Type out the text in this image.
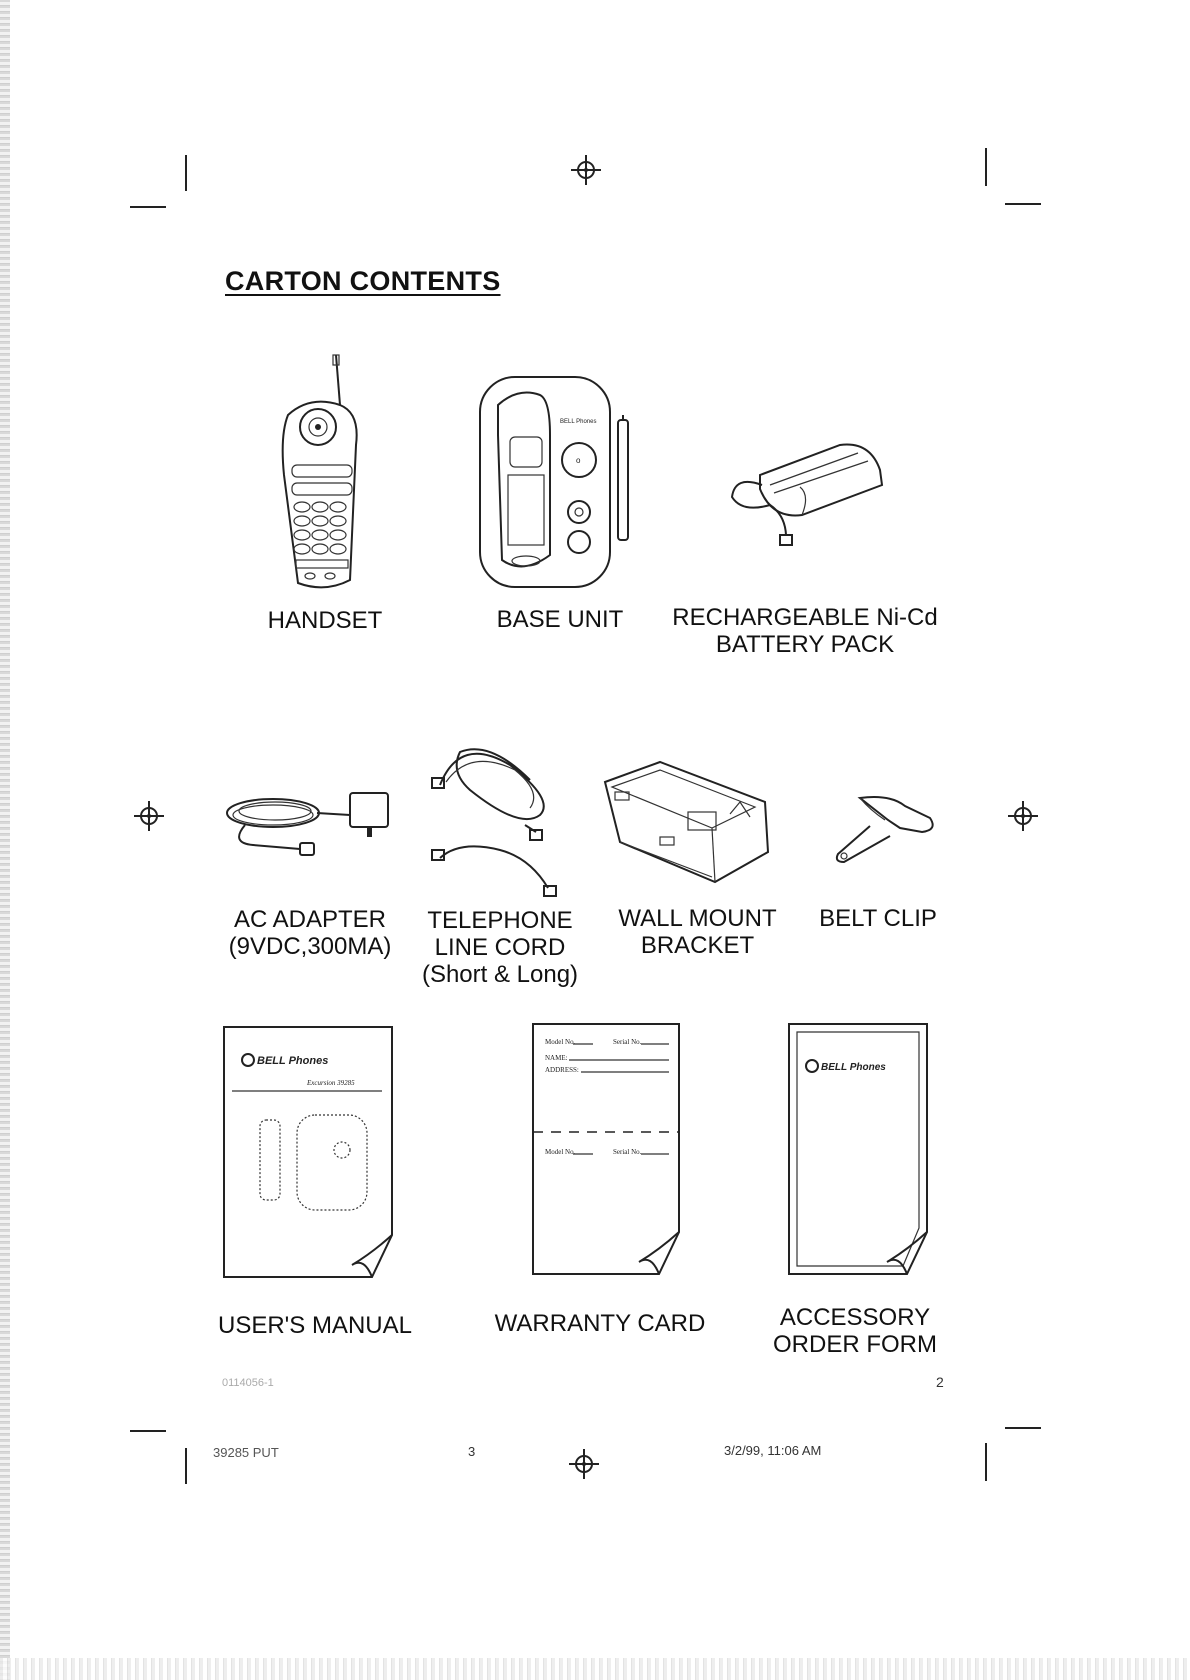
CARTON CONTENTS
BELL Phones
o
HANDSET	BASE UNIT	RECHARGEABLE Ni-Cd
BATTERY PACK
AC ADAPTER
(9VDC,300MA)
TELEPHONE
LINE CORD
(Short & Long)
WALL MOUNT
BRACKET
BELT CLIP
BELL Phones
Excursion 39285
Model No.	Serial No.
NAME:
ADDRESS:
Model No.	Serial No.
BELL Phones
USER'S MANUAL	WARRANTY CARD	ACCESSORY
ORDER FORM
0114056-1	2
39285 PUT	3	3/2/99, 11:06 AM
